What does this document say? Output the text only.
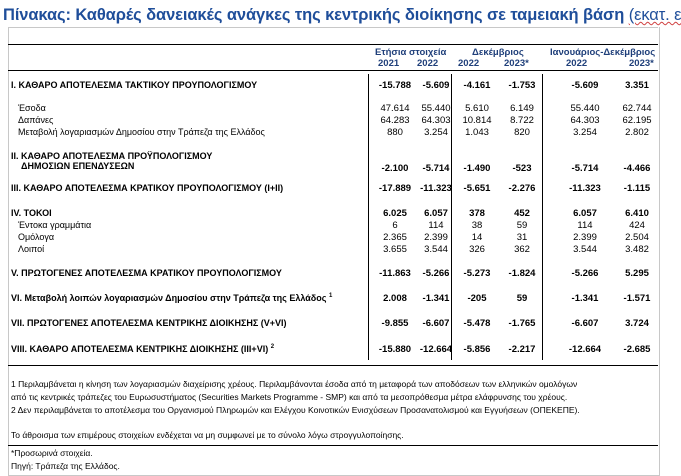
Πίνακας: Καθαρές δανειακές ανάγκες της κεντρικής διοίκησης σε ταμειακή βάση (εκατ. ε
Ετήσια στοιχεία	Δεκέμβριος	Ιανουάριος-Δεκέμβριος
2021 2022 2022	2023*	2022	2023*
I. ΚΑΘΑΡΟ ΑΠΟΤΕΛΕΣΜΑ ΤΑΚΤΙΚΟΥ ΠΡΟΥΠΟΛΟΓΙΣΜΟΥ	-15.788	-5.609	-4.161	-1.753	-5.609	3.351
Έσοδα	47.614	55.440	5.610	6.149	55.440	62.744
Δαπάνες	64.283	64.303	10.814	8.722	64.303	62.195
Μεταβολή λογαριασμών Δημοσίου στην Τράπεζα της Ελλάδος	880	3.254	1.043	820	3.254	2.802
II. ΚΑΘΑΡΟ ΑΠΟΤΕΛΕΣΜΑ ΠΡΟΫΠΟΛΟΓΙΣΜΟΥ
ΔΗΜΟΣΙΩΝ ΕΠΕΝΔΥΣΕΩΝ	-2.100	-5.714	-1.490	-523	-5.714	-4.466
III. ΚΑΘΑΡΟ ΑΠΟΤΕΛΕΣΜΑ ΚΡΑΤΙΚΟΥ ΠΡΟΥΠΟΛΟΓΙΣΜΟΥ (I+II)	-17.889 -11.323	-5.651	-2.276	-11.323	-1.115
IV. ΤΟΚΟΙ	6.025	6.057	378	452	6.057	6.410
Έντοκα γραμμάτια	6	114	38	59	114	424
Ομόλογα	2.365	2.399	14	31	2.399	2.504
Λοιποί	3.655	3.544	326	362	3.544	3.482
V. ΠΡΩΤΟΓΕΝΕΣ ΑΠΟΤΕΛΕΣΜΑ ΚΡΑΤΙΚΟΥ ΠΡΟΥΠΟΛΟΓΙΣΜΟΥ	-11.863	-5.266	-5.273	-1.824	-5.266	5.295
VI. Μεταβολή λοιπών λογαριασμών Δημοσίου στην Τράπεζα της Ελλάδος $^1$	2.008	-1.341	-205	59	-1.341	-1.571
VII. ΠΡΩΤΟΓΕΝΕΣ ΑΠΟΤΕΛΕΣΜΑ ΚΕΝΤΡΙΚΗΣ ΔΙΟΙΚΗΣΗΣ (V+VI)	-9.855	-6.607	-5.478	-1.765	-6.607	3.724
VIII. ΚΑΘΑΡΟ ΑΠΟΤΕΛΕΣΜΑ ΚΕΝΤΡΙΚΗΣ ΔΙΟΙΚΗΣΗΣ (III+VI) $^2$	-15.880 -12.664	-5.856	-2.217	-12.664	-2.685
1 Περιλαμβάνεται η κίνηση των λογαριασμών διαχείρισης χρέους. Περιλαμβάνονται έσοδα από τη μεταφορά των αποδόσεων των ελληνικών ομολόγων
από τις κεντρικές τράπεζες του Ευρωσυστήματος (Securities Markets Programme - SMP) και από τα μεσοπρόθεσμα μέτρα ελάφρυνσης του χρέους.
2 Δεν περιλαμβάνεται το αποτέλεσμα του Οργανισμού Πληρωμών και Ελέγχου Κοινοτικών Ενισχύσεων Προσανατολισμού και Εγγυήσεων (ΟΠΕΚΕΠΕ).
Το άθροισμα των επιμέρους στοιχείων ενδέχεται να μη συμφωνεί με το σύνολο λόγω στρογγυλοποίησης.
*Προσωρινά στοιχεία.
Πηγή: Τράπεζα της Ελλάδος.
